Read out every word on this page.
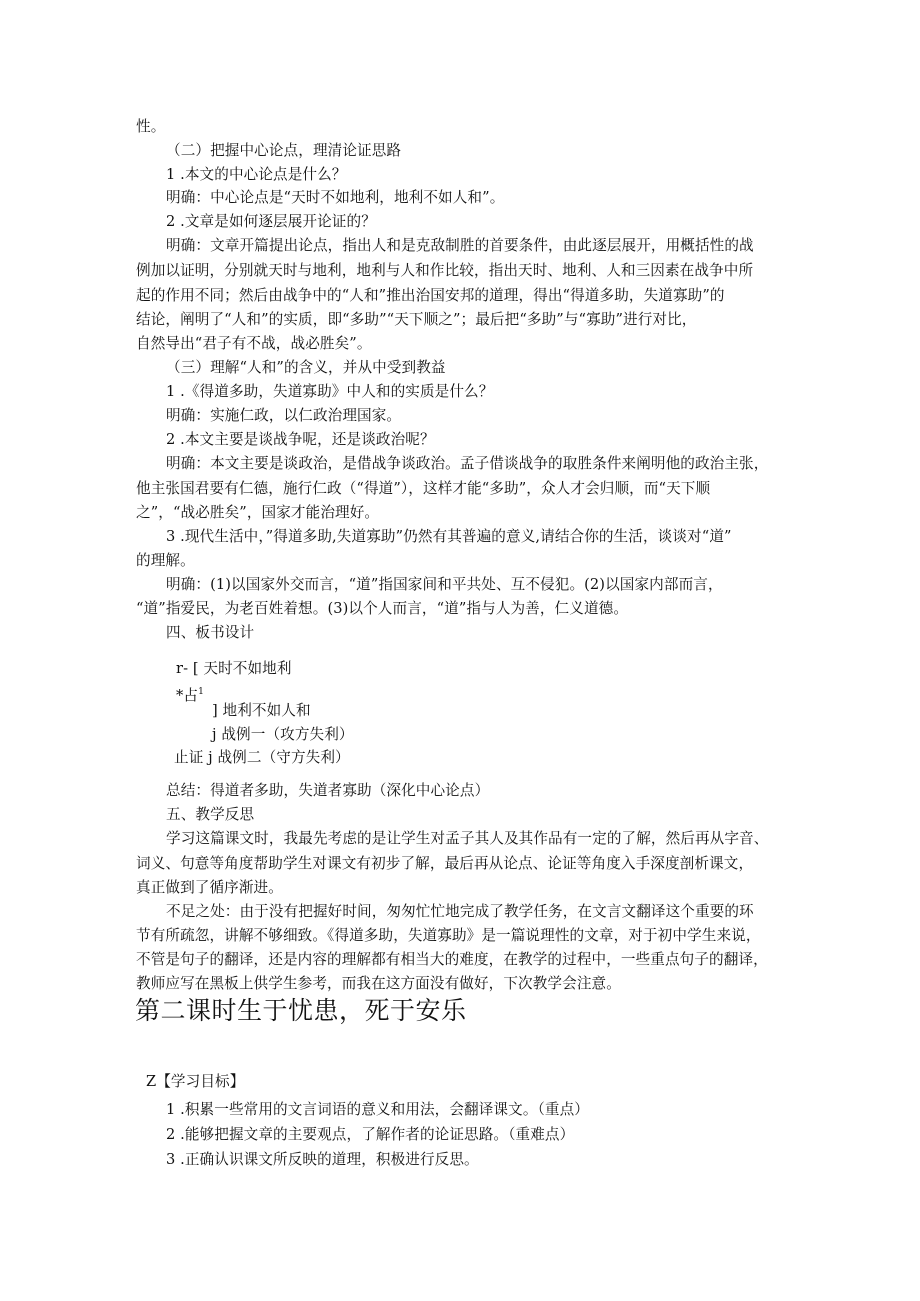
性。
（二）把握中心论点，理清论证思路
1 .本文的中心论点是什么？
明确：中心论点是“天时不如地利，地利不如人和”。
2 .文章是如何逐层展开论证的？
明确：文章开篇提出论点，指出人和是克敌制胜的首要条件，由此逐层展开，用概括性的战
例加以证明，分别就天时与地利，地利与人和作比较，指出天时、地利、人和三因素在战争中所
起的作用不同；然后由战争中的“人和”推出治国安邦的道理，得出“得道多助，失道寡助”的
结论，阐明了“人和”的实质，即“多助”“天下顺之”；最后把“多助”与“寡助”进行对比，
自然导出“君子有不战，战必胜矣”。
（三）理解“人和”的含义，并从中受到教益
1 .《得道多助，失道寡助》中人和的实质是什么？
明确：实施仁政，以仁政治理国家。
2 .本文主要是谈战争呢，还是谈政治呢？
明确：本文主要是谈政治，是借战争谈政治。孟子借谈战争的取胜条件来阐明他的政治主张，
他主张国君要有仁德，施行仁政（“得道”），这样才能“多助”，众人才会归顺，而“天下顺
之”，“战必胜矣”，国家才能治理好。
3 .现代生活中，”得道多助,失道寡助”仍然有其普遍的意义,请结合你的生活，谈谈对“道”
的理解。
明确：(1)以国家外交而言，“道”指国家间和平共处、互不侵犯。(2)以国家内部而言，
“道”指爱民，为老百姓着想。(3)以个人而言，“道”指与人为善，仁义道德。
四、板书设计
r- [ 天时不如地利
*占$^1$
] 地利不如人和
j 战例一（攻方失利）
止证 j 战例二（守方失利）
总结：得道者多助，失道者寡助（深化中心论点）
五、教学反思
学习这篇课文时，我最先考虑的是让学生对孟子其人及其作品有一定的了解，然后再从字音、
词义、句意等角度帮助学生对课文有初步了解，最后再从论点、论证等角度入手深度剖析课文，
真正做到了循序渐进。
不足之处：由于没有把握好时间，匆匆忙忙地完成了教学任务，在文言文翻译这个重要的环
节有所疏忽，讲解不够细致。《得道多助，失道寡助》是一篇说理性的文章，对于初中学生来说，
不管是句子的翻译，还是内容的理解都有相当大的难度，在教学的过程中，一些重点句子的翻译，
教师应写在黑板上供学生参考，而我在这方面没有做好，下次教学会注意。
第二课时生于忧患，死于安乐
Z【学习目标】
1 .积累一些常用的文言词语的意义和用法，会翻译课文。（重点）
2 .能够把握文章的主要观点，了解作者的论证思路。（重难点）
3 .正确认识课文所反映的道理，积极进行反思。
